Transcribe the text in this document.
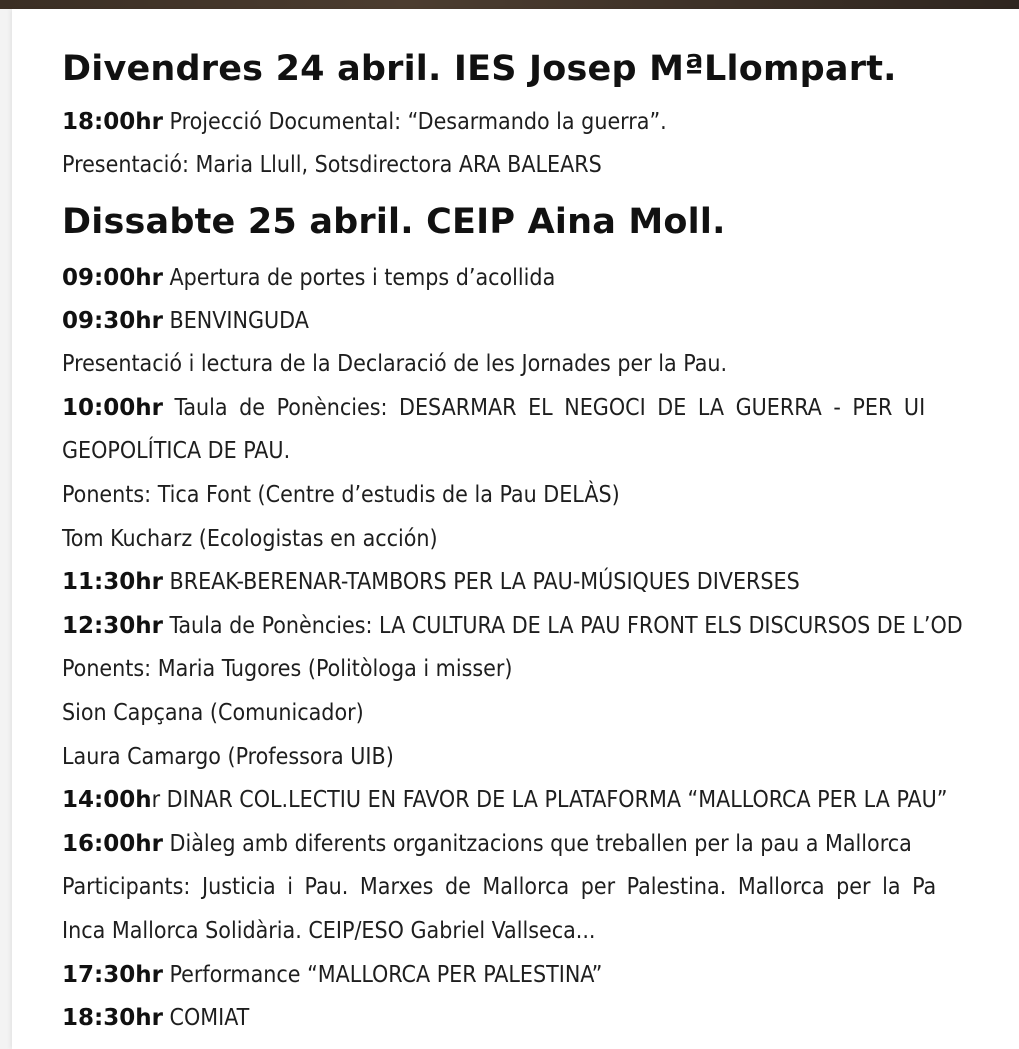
Divendres 24 abril. IES Josep MªLlompart.
18:00hr Projecció Documental: “Desarmando la guerra”.
Presentació: Maria Llull, Sotsdirectora ARA BALEARS
Dissabte 25 abril. CEIP Aina Moll.
09:00hr Apertura de portes i temps d’acollida
09:30hr BENVINGUDA
Presentació i lectura de la Declaració de les Jornades per la Pau.
10:00hr Taula de Ponències: DESARMAR EL NEGOCI DE LA GUERRA - PER UI
GEOPOLÍTICA DE PAU.
Ponents: Tica Font (Centre d’estudis de la Pau DELÀS)
Tom Kucharz (Ecologistas en acción)
11:30hr BREAK-BERENAR-TAMBORS PER LA PAU-MÚSIQUES DIVERSES
12:30hr Taula de Ponències: LA CULTURA DE LA PAU FRONT ELS DISCURSOS DE L’OD
Ponents: Maria Tugores (Politòloga i misser)
Sion Capçana (Comunicador)
Laura Camargo (Professora UIB)
14:00hr DINAR COL.LECTIU EN FAVOR DE LA PLATAFORMA “MALLORCA PER LA PAU”
16:00hr Diàleg amb diferents organitzacions que treballen per la pau a Mallorca
Participants: Justicia i Pau. Marxes de Mallorca per Palestina. Mallorca per la Pa
Inca Mallorca Solidària. CEIP/ESO Gabriel Vallseca...
17:30hr Performance “MALLORCA PER PALESTINA”
18:30hr COMIAT
